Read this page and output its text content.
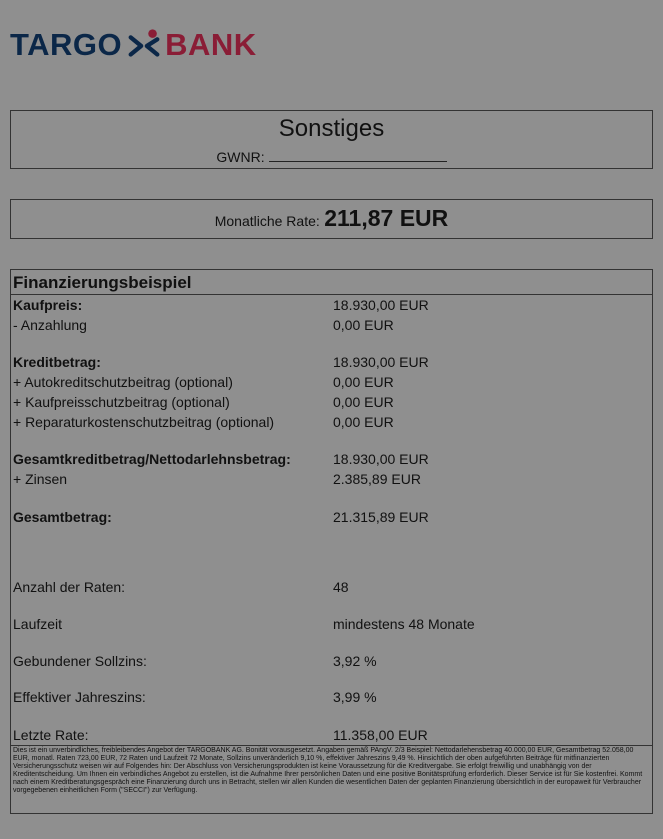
TARGO BANK
Sonstiges
GWNR:
Monatliche Rate: 211,87 EUR
Finanzierungsbeispiel
Kaufpreis:	18.930,00 EUR
- Anzahlung	0,00 EUR
Kreditbetrag:	18.930,00 EUR
+ Autokreditschutzbeitrag (optional)	0,00 EUR
+ Kaufpreisschutzbeitrag (optional)	0,00 EUR
+ Reparaturkostenschutzbeitrag (optional)	0,00 EUR
Gesamtkreditbetrag/Nettodarlehnsbetrag:	18.930,00 EUR
+ Zinsen	2.385,89 EUR
Gesamtbetrag:	21.315,89 EUR
Anzahl der Raten:	48
Laufzeit	mindestens 48 Monate
Gebundener Sollzins:	3,92 %
Effektiver Jahreszins:	3,99 %
Letzte Rate:	11.358,00 EUR
Dies ist ein unverbindliches, freibleibendes Angebot der TARGOBANK AG. Bonität vorausgesetzt. Angaben gemäß PAngV. 2/3 Beispiel: Nettodarlehensbetrag 40.000,00 EUR, Gesamtbetrag 52.058,00 EUR, monatl. Raten 723,00 EUR, 72 Raten und Laufzeit 72 Monate, Sollzins unveränderlich 9,10 %, effektiver Jahreszins 9,49 %. Hinsichtlich der oben aufgeführten Beiträge für mitfinanzierten Versicherungsschutz weisen wir auf Folgendes hin: Der Abschluss von Versicherungsprodukten ist keine Voraussetzung für die Kreditvergabe. Sie erfolgt freiwillig und unabhängig von der Kreditentscheidung. Um Ihnen ein verbindliches Angebot zu erstellen, ist die Aufnahme Ihrer persönlichen Daten und eine positive Bonitätsprüfung erforderlich. Dieser Service ist für Sie kostenfrei. Kommt nach einem Kreditberatungsgespräch eine Finanzierung durch uns in Betracht, stellen wir allen Kunden die wesentlichen Daten der geplanten Finanzierung übersichtlich in der europaweit für Verbraucher vorgegebenen einheitlichen Form ("SECCI") zur Verfügung.
